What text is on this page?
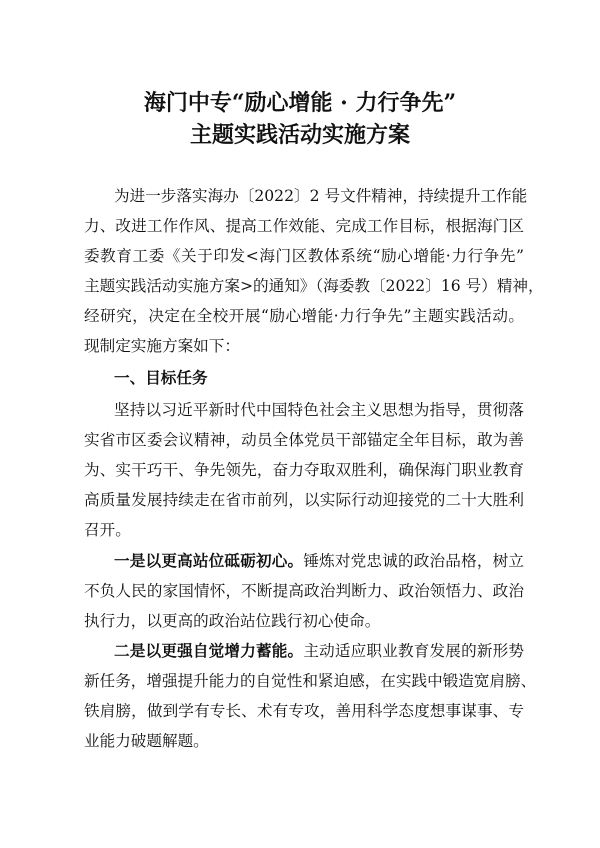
海门中专“励心增能 · 力行争先”
主题实践活动实施方案
为进一步落实海办〔2022〕2 号文件精神，持续提升工作能
力、改进工作作风、提高工作效能、完成工作目标，根据海门区
委教育工委《关于印发<海门区教体系统“励心增能·力行争先”
主题实践活动实施方案>的通知》（海委教〔2022〕16 号）精神，
经研究，决定在全校开展“励心增能·力行争先”主题实践活动。
现制定实施方案如下：
一、目标任务
坚持以习近平新时代中国特色社会主义思想为指导，贯彻落
实省市区委会议精神，动员全体党员干部锚定全年目标，敢为善
为、实干巧干、争先领先，奋力夺取双胜利，确保海门职业教育
高质量发展持续走在省市前列，以实际行动迎接党的二十大胜利
召开。
一是以更高站位砥砺初心。锤炼对党忠诚的政治品格，树立
不负人民的家国情怀，不断提高政治判断力、政治领悟力、政治
执行力，以更高的政治站位践行初心使命。
二是以更强自觉增力蓄能。主动适应职业教育发展的新形势
新任务，增强提升能力的自觉性和紧迫感，在实践中锻造宽肩膀、
铁肩膀，做到学有专长、术有专攻，善用科学态度想事谋事、专
业能力破题解题。
